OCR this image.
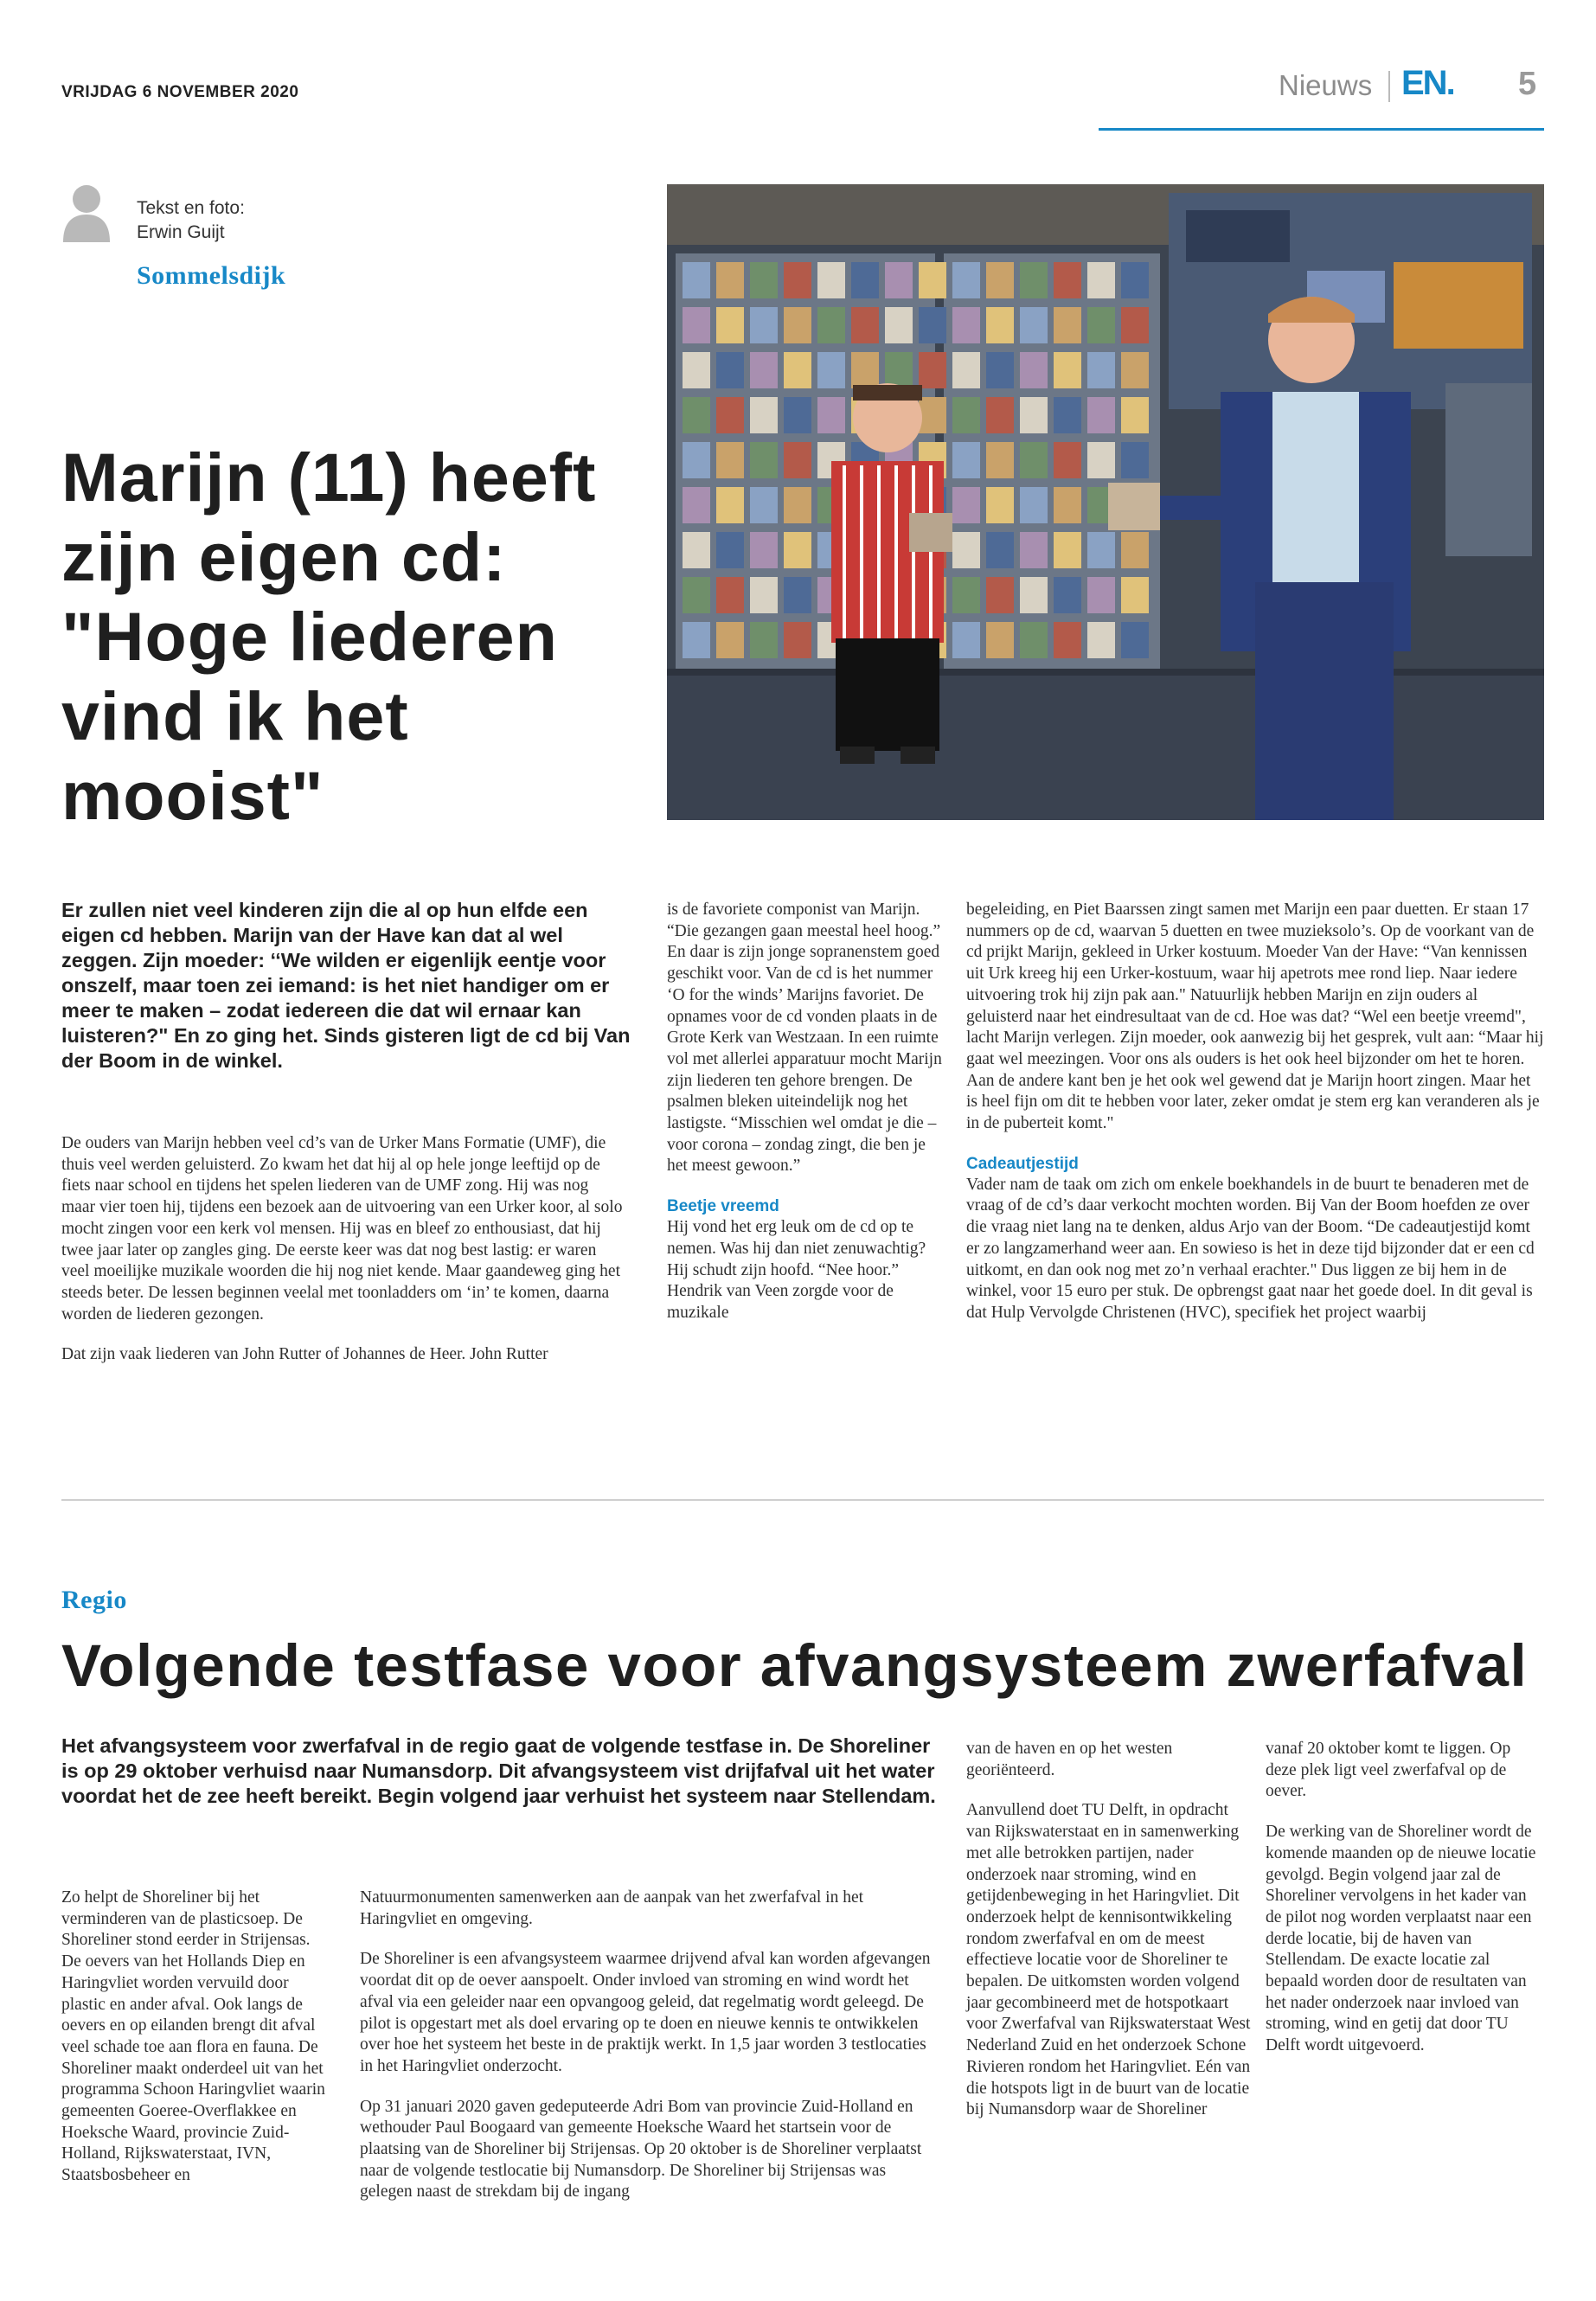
VRIJDAG 6 NOVEMBER 2020	Nieuws EN. 5
Tekst en foto:
Erwin Guijt
Sommelsdijk
Marijn (11) heeft zijn eigen cd: "Hoge liederen vind ik het mooist"
Er zullen niet veel kinderen zijn die al op hun elfde een eigen cd hebben. Marijn van der Have kan dat al wel zeggen. Zijn moeder: ‘‘We wilden er eigenlijk eentje voor onszelf, maar toen zei iemand: is het niet handiger om er meer te maken – zodat iedereen die dat wil ernaar kan luisteren?" En zo ging het. Sinds gisteren ligt de cd bij Van der Boom in de winkel.

De ouders van Marijn hebben veel cd’s van de Urker Mans Formatie (UMF), die thuis veel werden geluisterd. Zo kwam het dat hij al op hele jonge leeftijd op de fiets naar school en tijdens het spelen liederen van de UMF zong. Hij was nog maar vier toen hij, tijdens een bezoek aan de uitvoering van een Urker koor, al solo mocht zingen voor een kerk vol mensen. Hij was en bleef zo enthousiast, dat hij twee jaar later op zangles ging. De eerste keer was dat nog best lastig: er waren veel moeilijke muzikale woorden die hij nog niet kende. Maar gaandeweg ging het steeds beter. De lessen beginnen veelal met toonladders om ‘in’ te komen, daarna worden de liederen gezongen.

Dat zijn vaak liederen van John Rutter of Johannes de Heer. John Rutter

is de favoriete componist van Marijn. “Die gezangen gaan meestal heel hoog.” En daar is zijn jonge sopranenstem goed geschikt voor. Van de cd is het nummer ‘O for the winds’ Marijns favoriet. De opnames voor de cd vonden plaats in de Grote Kerk van Westzaan. In een ruimte vol met allerlei apparatuur mocht Marijn zijn liederen ten gehore brengen. De psalmen bleken uiteindelijk nog het lastigste. “Misschien wel omdat je die – voor corona – zondag zingt, die ben je het meest gewoon.”

Beetje vreemd

Hij vond het erg leuk om de cd op te nemen. Was hij dan niet zenuwachtig? Hij schudt zijn hoofd. “Nee hoor.” Hendrik van Veen zorgde voor de muzikale

begeleiding, en Piet Baarssen zingt samen met Marijn een paar duetten. Er staan 17 nummers op de cd, waarvan 5 duetten en twee muzieksolo’s. Op de voorkant van de cd prijkt Marijn, gekleed in Urker kostuum. Moeder Van der Have: “Van kennissen uit Urk kreeg hij een Urker-kostuum, waar hij apetrots mee rond liep. Naar iedere uitvoering trok hij zijn pak aan." Natuurlijk hebben Marijn en zijn ouders al geluisterd naar het eindresultaat van de cd. Hoe was dat? “Wel een beetje vreemd", lacht Marijn verlegen. Zijn moeder, ook aanwezig bij het gesprek, vult aan: “Maar hij gaat wel meezingen. Voor ons als ouders is het ook heel bijzonder om het te horen. Aan de andere kant ben je het ook wel gewend dat je Marijn hoort zingen. Maar het is heel fijn om dit te hebben voor later, zeker omdat je stem erg kan veranderen als je in de puberteit komt."

Cadeautjestijd

Vader nam de taak om zich om enkele boekhandels in de buurt te benaderen met de vraag of de cd’s daar verkocht mochten worden. Bij Van der Boom hoefden ze over die vraag niet lang na te denken, aldus Arjo van der Boom. “De cadeautjestijd komt er zo langzamerhand weer aan. En sowieso is het in deze tijd bijzonder dat er een cd uitkomt, en dan ook nog met zo’n verhaal erachter." Dus liggen ze bij hem in de winkel, voor 15 euro per stuk. De opbrengst gaat naar het goede doel. In dit geval is dat Hulp Vervolgde Christenen (HVC), specifiek het project waarbij

Regio
Volgende testfase voor afvangsysteem zwerfafval
Het afvangsysteem voor zwerfafval in de regio gaat de volgende testfase in. De Shoreliner is op 29 oktober verhuisd naar Numansdorp. Dit afvangsysteem vist drijfafval uit het water voordat het de zee heeft bereikt. Begin volgend jaar verhuist het systeem naar Stellendam.

Zo helpt de Shoreliner bij het verminderen van de plasticsoep. De Shoreliner stond eerder in Strijensas. De oevers van het Hollands Diep en Haringvliet worden vervuild door plastic en ander afval. Ook langs de oevers en op eilanden brengt dit afval veel schade toe aan flora en fauna. De Shoreliner maakt onderdeel uit van het programma Schoon Haringvliet waarin gemeenten Goeree-Overflakkee en Hoeksche Waard, provincie Zuid-Holland, Rijkswaterstaat, IVN, Staatsbosbeheer en

Natuurmonumenten samenwerken aan de aanpak van het zwerfafval in het Haringvliet en omgeving.

De Shoreliner is een afvangsysteem waarmee drijvend afval kan worden afgevangen voordat dit op de oever aanspoelt. Onder invloed van stroming en wind wordt het afval via een geleider naar een opvangoog geleid, dat regelmatig wordt geleegd. De pilot is opgestart met als doel ervaring op te doen en nieuwe kennis te ontwikkelen over hoe het systeem het beste in de praktijk werkt. In 1,5 jaar worden 3 testlocaties in het Haringvliet onderzocht.

Op 31 januari 2020 gaven gedeputeerde Adri Bom van provincie Zuid-Holland en wethouder Paul Boogaard van gemeente Hoeksche Waard het startsein voor de plaatsing van de Shoreliner bij Strijensas. Op 20 oktober is de Shoreliner verplaatst naar de volgende testlocatie bij Numansdorp. De Shoreliner bij Strijensas was gelegen naast de strekdam bij de ingang

van de haven en op het westen georiënteerd.

Aanvullend doet TU Delft, in opdracht van Rijkswaterstaat en in samenwerking met alle betrokken partijen, nader onderzoek naar stroming, wind en getijdenbeweging in het Haringvliet. Dit onderzoek helpt de kennisontwikkeling rondom zwerfafval en om de meest effectieve locatie voor de Shoreliner te bepalen. De uitkomsten worden volgend jaar gecombineerd met de hotspotkaart voor Zwerfafval van Rijkswaterstaat West Nederland Zuid en het onderzoek Schone Rivieren rondom het Haringvliet. Eén van die hotspots ligt in de buurt van de locatie bij Numansdorp waar de Shoreliner

vanaf 20 oktober komt te liggen. Op deze plek ligt veel zwerfafval op de oever.

De werking van de Shoreliner wordt de komende maanden op de nieuwe locatie gevolgd. Begin volgend jaar zal de Shoreliner vervolgens in het kader van de pilot nog worden verplaatst naar een derde locatie, bij de haven van Stellendam. De exacte locatie zal bepaald worden door de resultaten van het nader onderzoek naar invloed van stroming, wind en getij dat door TU Delft wordt uitgevoerd.
